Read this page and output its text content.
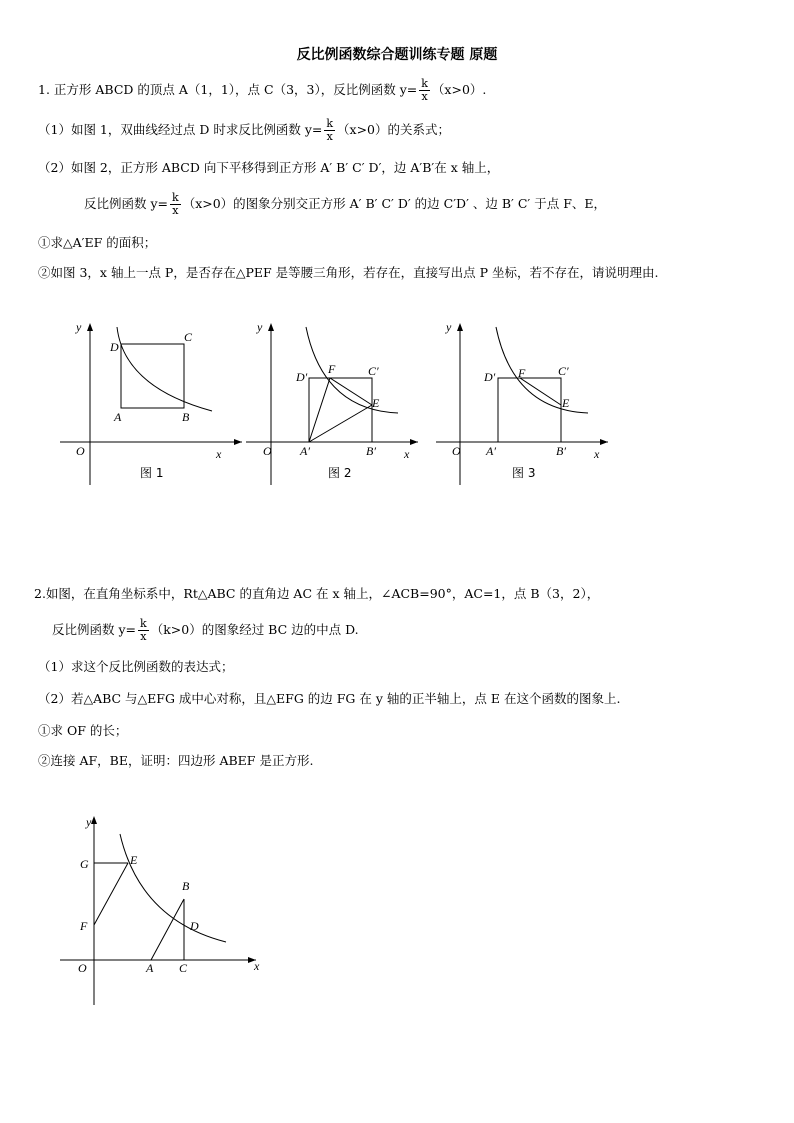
反比例函数综合题训练专题 原题
1. 正方形 ABCD 的顶点 A（1，1），点 C（3，3），反比例函数 $y= \frac{k}{x} (x>0)$.
（1）如图 1，双曲线经过点 D 时求反比例函数 $y= \frac{k}{x} (x>0)$的关系式；
（2）如图 2，正方形 ABCD 向下平移得到正方形 A′ B′ C′ D′，边 A′B′在 x 轴上，
反比例函数 $y= \frac{k}{x} (x>0)$的图象分别交正方形 A′ B′ C′ D′ 的边 C′D′ 、边 B′ C′ 于点 F、E，
①求△A′EF 的面积；
②如图 3，x 轴上一点 P，是否存在△PEF 是等腰三角形，若存在，直接写出点 P 坐标，若不存在，请说明理由.
y
x
O
D
C
A	B
图 1
y
x
O
D′
F	C′
E
A′	B′
图 2
y
x
O
D′ F	C′
E
A′	B′
图 3
2.如图，在直角坐标系中，Rt△ABC 的直角边 AC 在 x 轴上，∠ACB=90°，AC=1，点 B（3，2），
反比例函数 $y= \frac{k}{x} (k>0)$的图象经过 BC 边的中点 D.
（1）求这个反比例函数的表达式；
（2）若△ABC 与△EFG 成中心对称，且△EFG 的边 FG 在 y 轴的正半轴上，点 E 在这个函数的图象上.
①求 OF 的长；
②连接 AF，BE，证明：四边形 ABEF 是正方形.
y
x
O
G	E
F
B
D
A C
